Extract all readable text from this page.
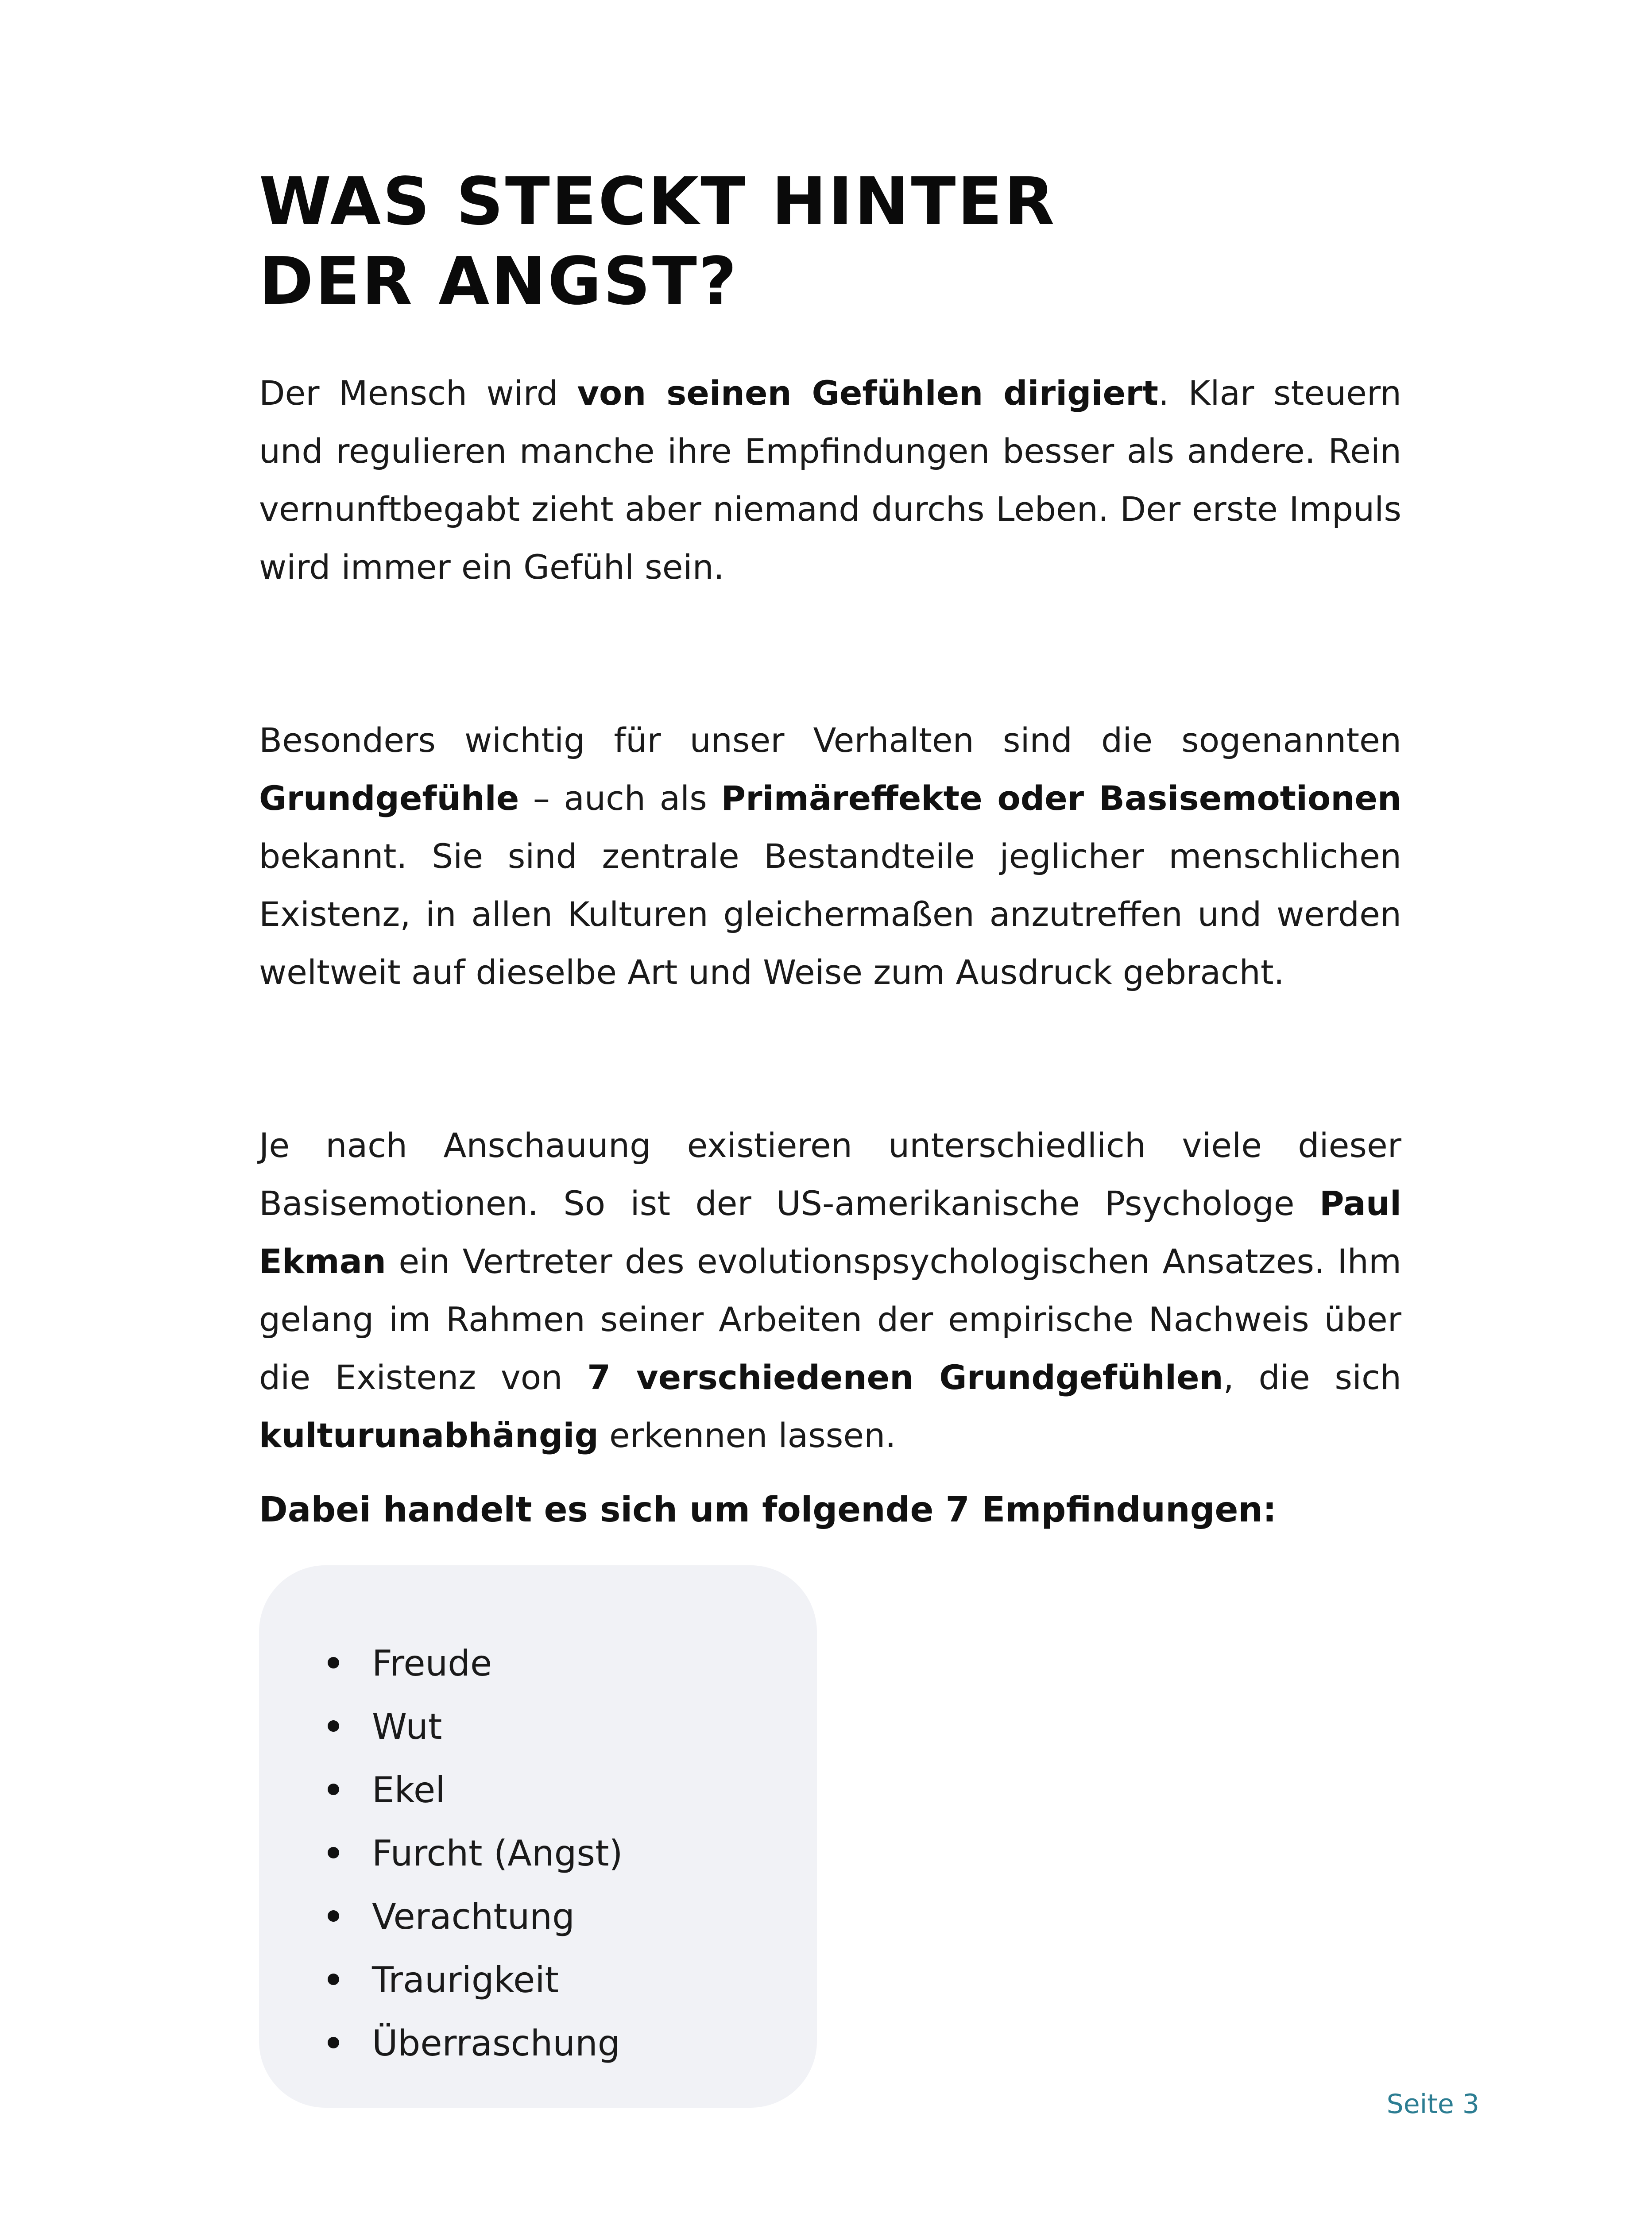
WAS STECKT HINTER
DER ANGST?

Der Mensch wird von seinen Gefühlen dirigiert. Klar steuern und regulieren manche ihre Empfindungen besser als andere. Rein vernunftbegabt zieht aber niemand durchs Leben. Der erste Impuls wird immer ein Gefühl sein.

Besonders wichtig für unser Verhalten sind die sogenannten Grundgefühle – auch als Primäreffekte oder Basisemotionen bekannt. Sie sind zentrale Bestandteile jeglicher menschlichen Existenz, in allen Kulturen gleichermaßen anzutreffen und werden weltweit auf dieselbe Art und Weise zum Ausdruck gebracht.

Je nach Anschauung existieren unterschiedlich viele dieser Basisemotionen. So ist der US-amerikanische Psychologe Paul Ekman ein Vertreter des evolutionspsychologischen Ansatzes. Ihm gelang im Rahmen seiner Arbeiten der empirische Nachweis über die Existenz von 7 verschiedenen Grundgefühlen, die sich kulturunabhängig erkennen lassen.

Dabei handelt es sich um folgende 7 Empfindungen:

Freude
Wut
Ekel
Furcht (Angst)
Verachtung
Traurigkeit
Überraschung
Seite 3
